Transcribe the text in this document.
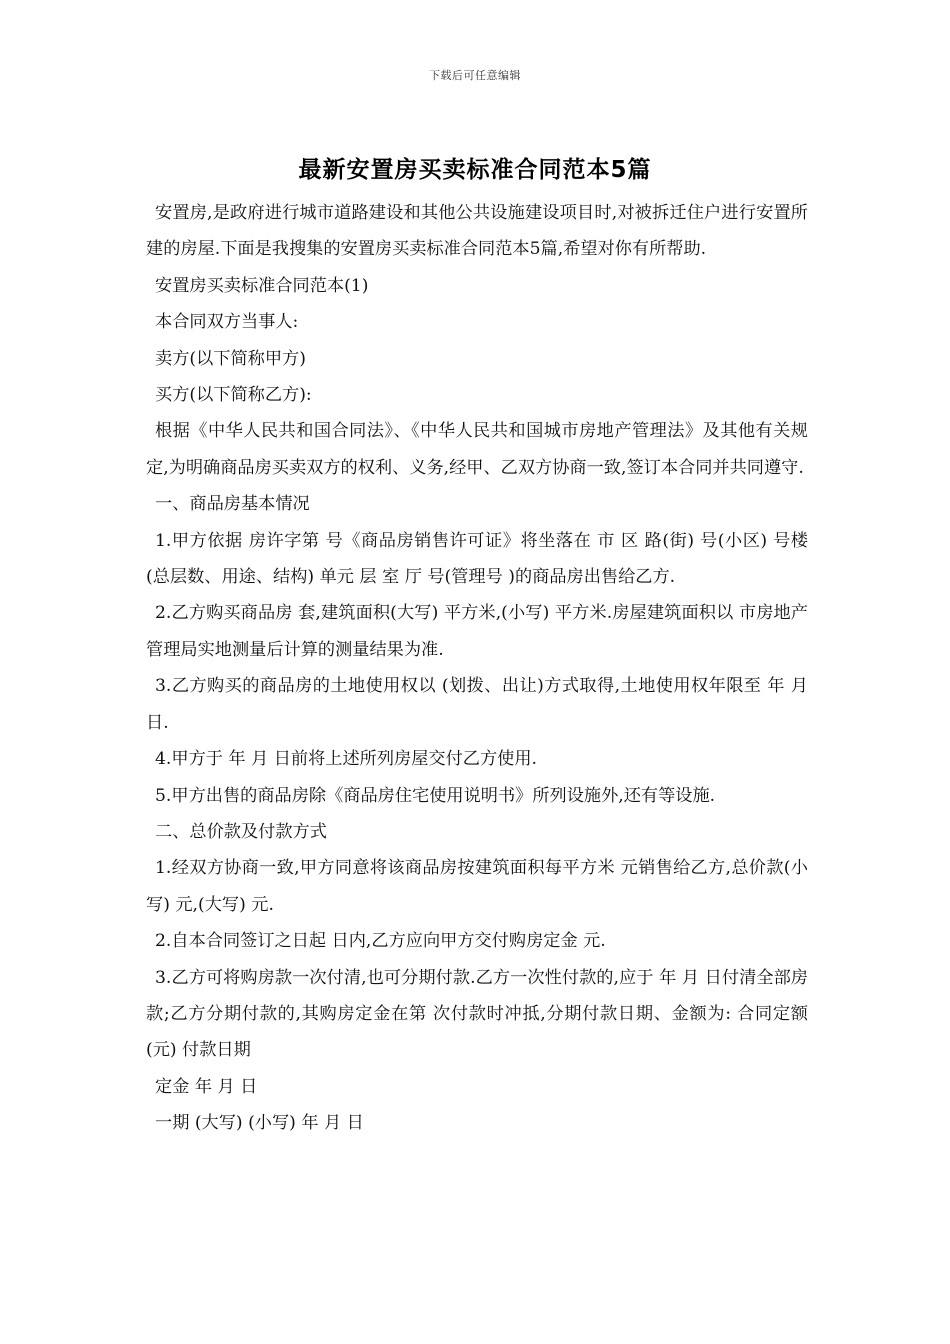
下载后可任意编辑
最新安置房买卖标准合同范本5篇

安置房,是政府进行城市道路建设和其他公共设施建设项目时,对被拆迁住户进行安置所建的房屋.下面是我搜集的安置房买卖标准合同范本5篇,希望对你有所帮助.

安置房买卖标准合同范本(1)

本合同双方当事人:

卖方(以下简称甲方)

买方(以下简称乙方):

根据《中华人民共和国合同法》、《中华人民共和国城市房地产管理法》及其他有关规定,为明确商品房买卖双方的权利、义务,经甲、乙双方协商一致,签订本合同并共同遵守.

一、商品房基本情况

1.甲方依据 房许字第 号《商品房销售许可证》将坐落在 市 区 路(街) 号(小区) 号楼(总层数、用途、结构) 单元 层 室 厅 号(管理号 )的商品房出售给乙方.

2.乙方购买商品房 套,建筑面积(大写) 平方米,(小写) 平方米.房屋建筑面积以 市房地产管理局实地测量后计算的测量结果为准.

3.乙方购买的商品房的土地使用权以 (划拨、出让)方式取得,土地使用权年限至 年 月 日.

4.甲方于 年 月 日前将上述所列房屋交付乙方使用.

5.甲方出售的商品房除《商品房住宅使用说明书》所列设施外,还有等设施.

二、总价款及付款方式

1.经双方协商一致,甲方同意将该商品房按建筑面积每平方米 元销售给乙方,总价款(小写) 元,(大写) 元.

2.自本合同签订之日起 日内,乙方应向甲方交付购房定金 元.

3.乙方可将购房款一次付清,也可分期付款.乙方一次性付款的,应于 年 月 日付清全部房款;乙方分期付款的,其购房定金在第 次付款时冲抵,分期付款日期、金额为: 合同定额(元) 付款日期

定金 年 月 日

一期 (大写) (小写) 年 月 日
